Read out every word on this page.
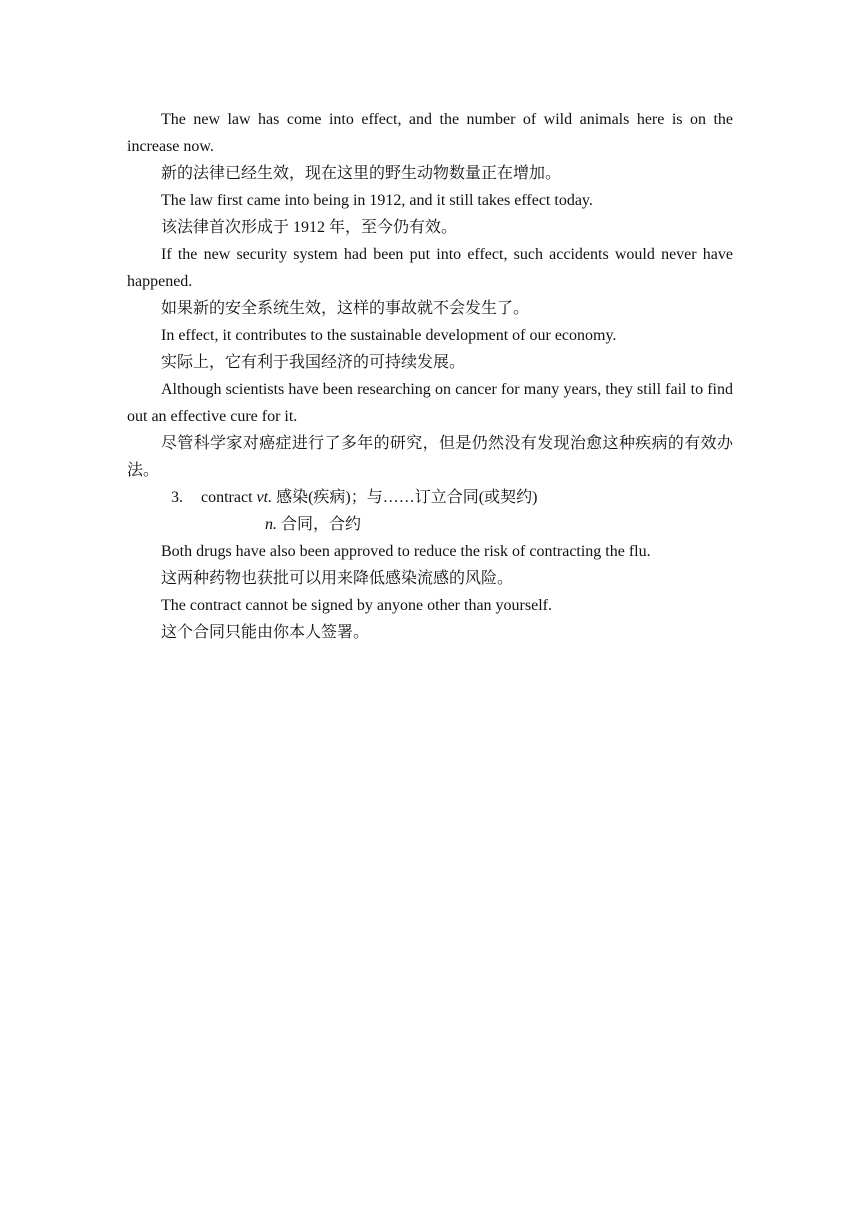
The new law has come into effect, and the number of wild animals here is on the increase now.

新的法律已经生效，现在这里的野生动物数量正在增加。

The law first came into being in 1912, and it still takes effect today.

该法律首次形成于 1912 年，至今仍有效。

If the new security system had been put into effect, such accidents would never have happened.

如果新的安全系统生效，这样的事故就不会发生了。

In effect, it contributes to the sustainable development of our economy.

实际上，它有利于我国经济的可持续发展。

Although scientists have been researching on cancer for many years, they still fail to find out an effective cure for it.

尽管科学家对癌症进行了多年的研究，但是仍然没有发现治愈这种疾病的有效办法。

3. contract vt. 感染(疾病)；与……订立合同(或契约)

n. 合同，合约

Both drugs have also been approved to reduce the risk of contracting the flu.

这两种药物也获批可以用来降低感染流感的风险。

The contract cannot be signed by anyone other than yourself.

这个合同只能由你本人签署。
